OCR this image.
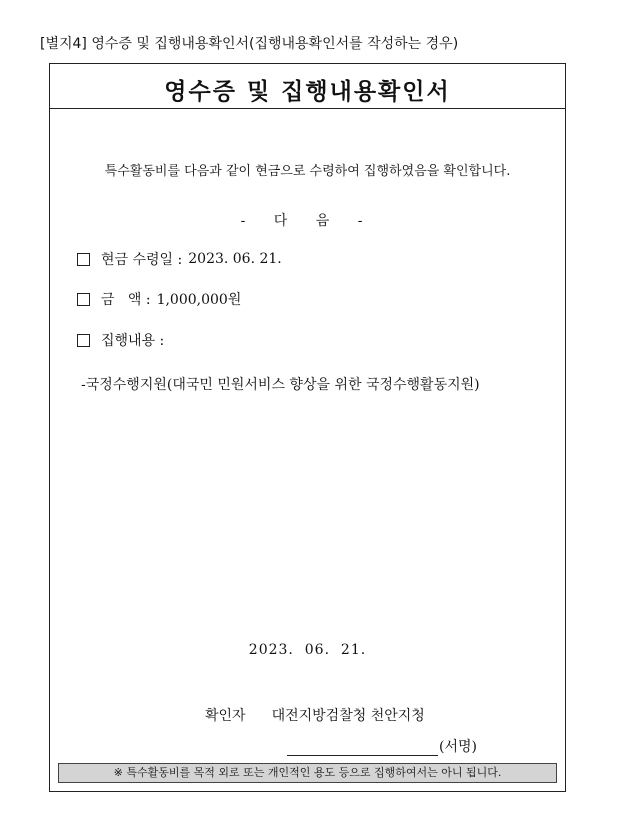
[별지4] 영수증 및 집행내용확인서(집행내용확인서를 작성하는 경우)
영수증 및 집행내용확인서
특수활동비를 다음과 같이 현금으로 수령하여 집행하였음을 확인합니다.
- 다 음 -
현금 수령일 : 2023. 06. 21.
금   액 : 1,000,000원
집행내용 :
-국정수행지원(대국민 민원서비스 향상을 위한 국정수행활동지원)
2023.  06.  21.
확인자 대전지방검찰청 천안지청
(서명)
※ 특수활동비를 목적 외로 또는 개인적인 용도 등으로 집행하여서는 아니 됩니다.
